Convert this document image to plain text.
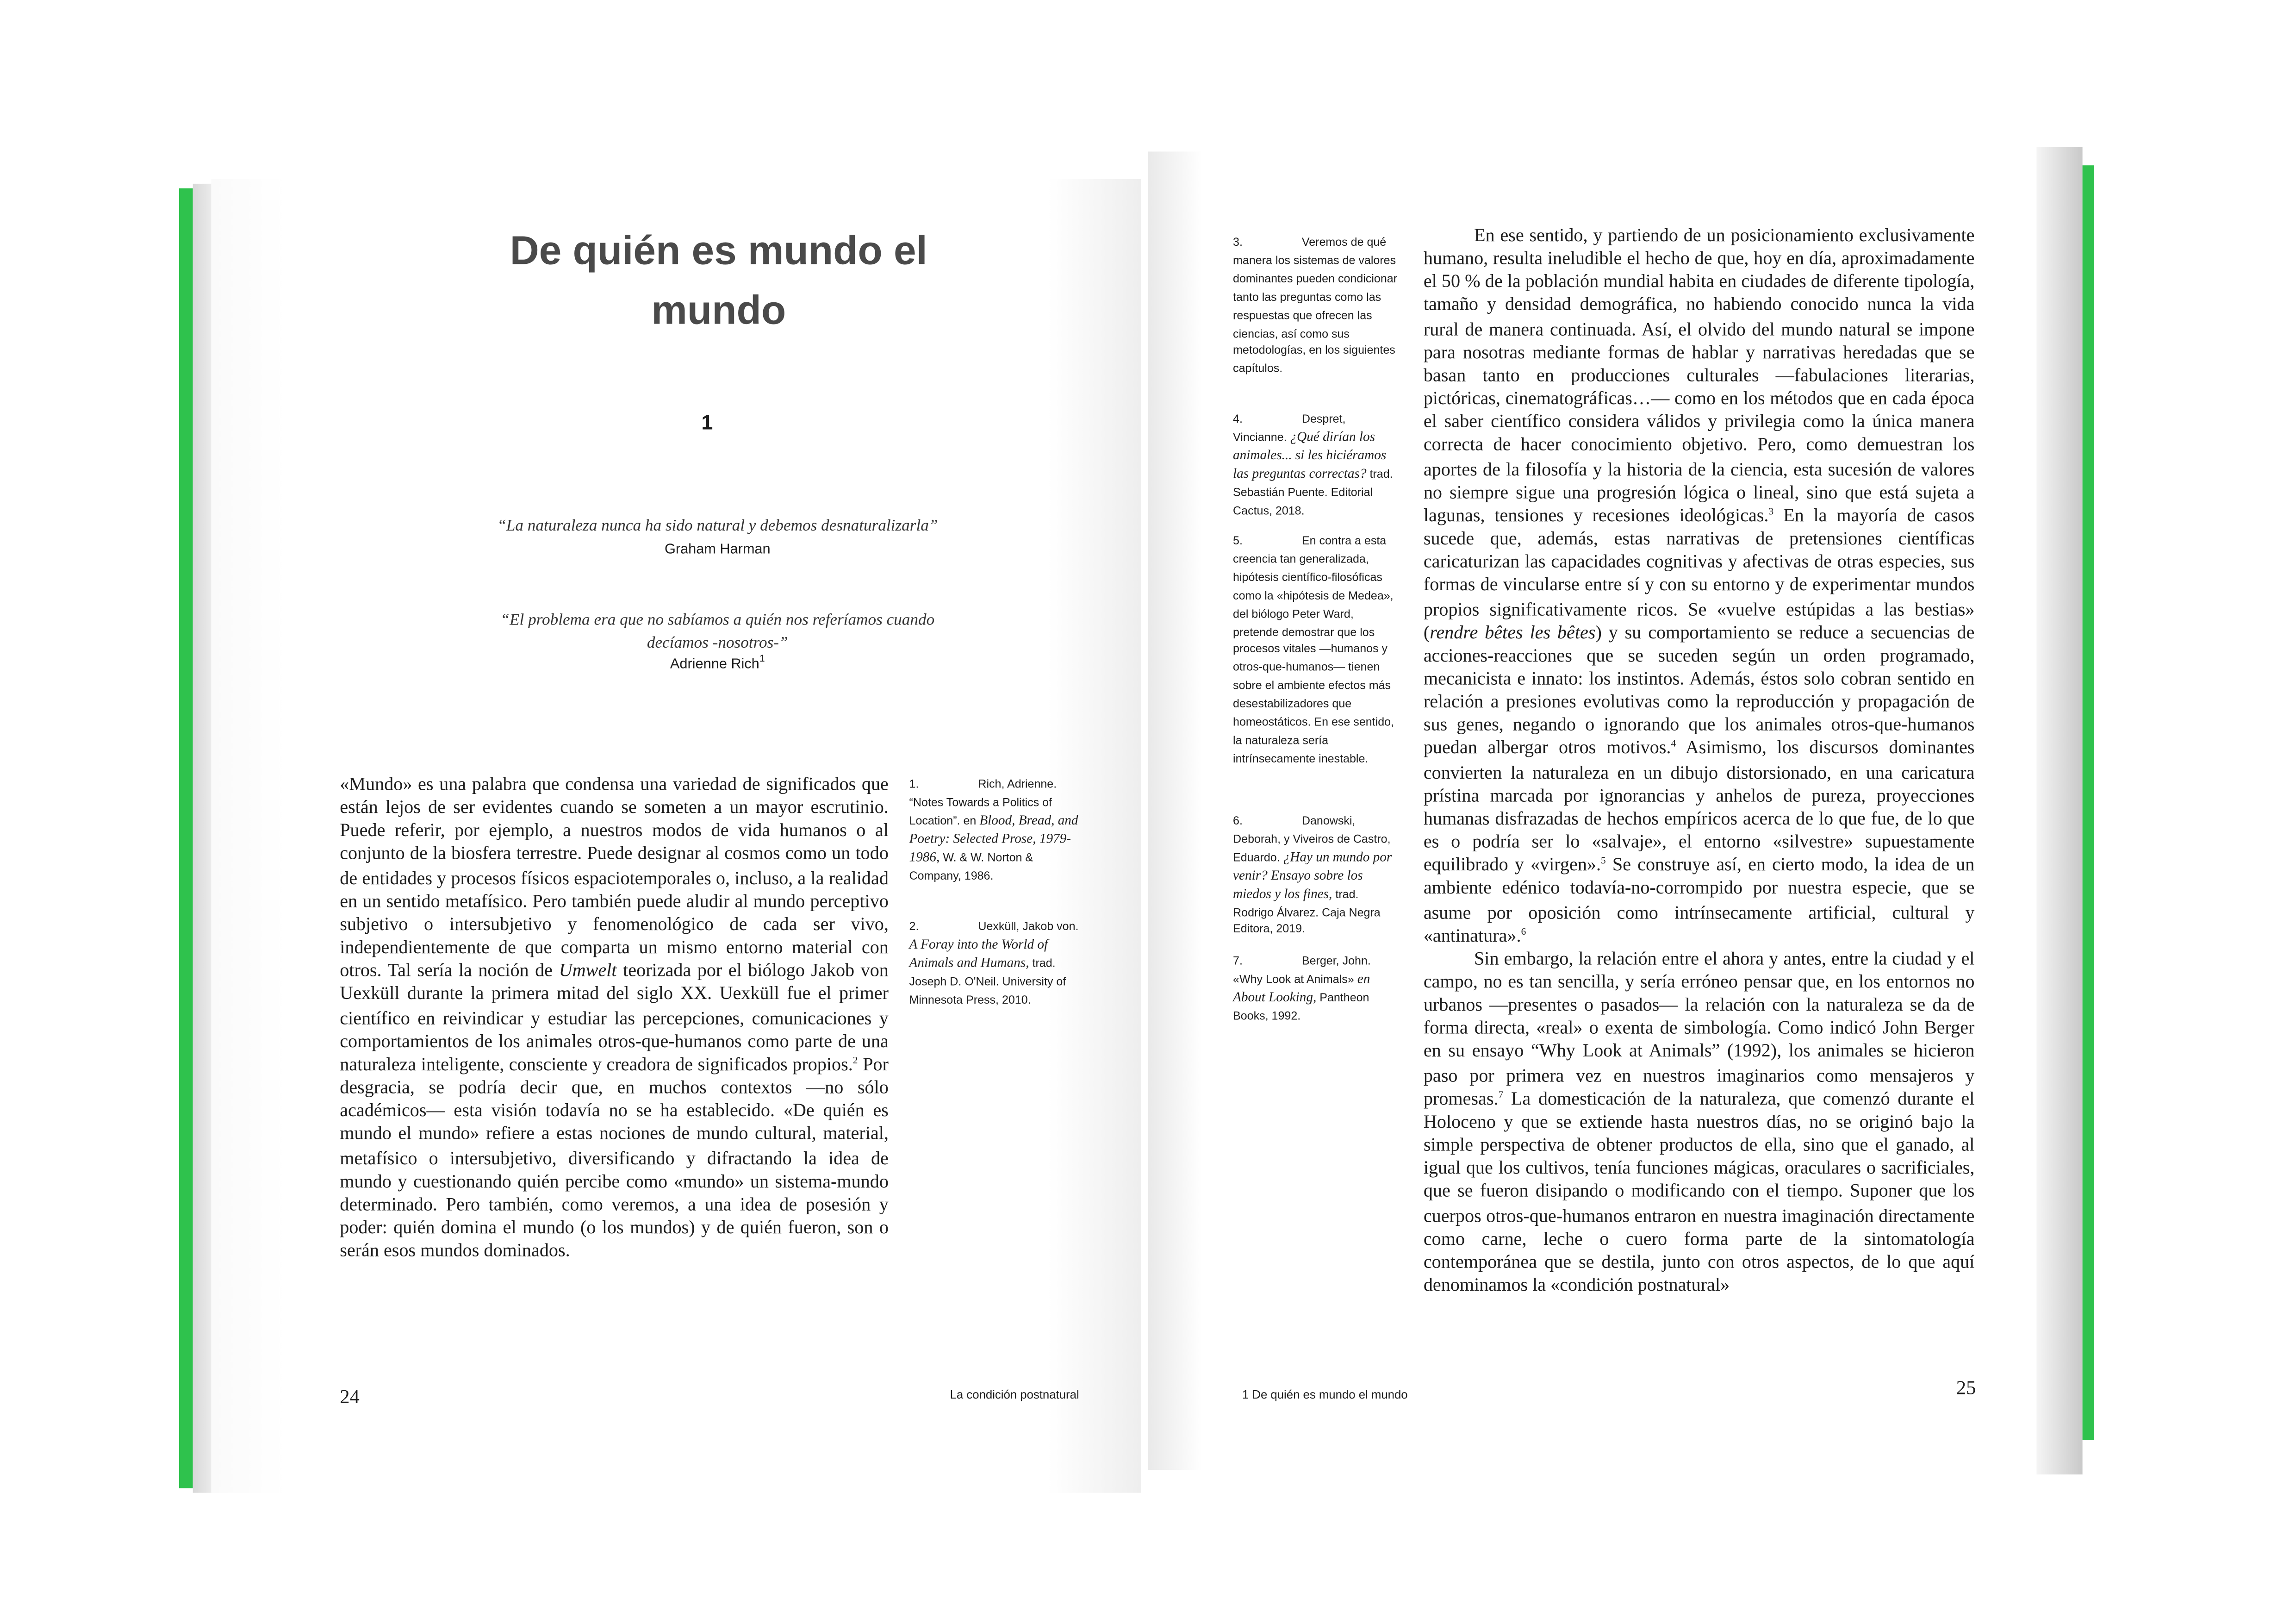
De quién es mundo el mundo
1
“La naturaleza nunca ha sido natural y debemos desnaturalizarla”
Graham Harman
“El problema era que no sabíamos a quién nos referíamos cuando decíamos -nosotros-”
Adrienne Rich$^1$

«Mundo» es una palabra que condensa una variedad de significados que están lejos de ser evidentes cuando se someten a un mayor escrutinio. Puede referir, por ejemplo, a nuestros modos de vida humanos o al conjunto de la biosfera terrestre. Puede designar al cosmos como un todo de entidades y procesos físicos espaciotemporales o, incluso, a la realidad en un sentido metafísico. Pero también puede aludir al mundo perceptivo subjetivo o intersubjetivo y fenomenológico de cada ser vivo, independientemente de que comparta un mismo entorno material con otros. Tal sería la noción de Umwelt teorizada por el biólogo Jakob von Uexküll durante la primera mitad del siglo XX. Uexküll fue el primer científico en reivindicar y estudiar las percepciones, comunicaciones y comportamientos de los animales otros-que-humanos como parte de una naturaleza inteligente, consciente y creadora de significados propios.$^2$ Por desgracia, se podría decir que, en muchos contextos —no sólo académicos— esta visión todavía no se ha establecido. «De quién es mundo el mundo» refiere a estas nociones de mundo cultural, material, metafísico o intersubjetivo, diversificando y difractando la idea de mundo y cuestionando quién percibe como «mundo» un sistema-mundo determinado. Pero también, como veremos, a una idea de posesión y poder: quién domina el mundo (o los mundos) y de quién fueron, son o serán esos mundos dominados.

1.	Rich, Adrienne. “Notes Towards a Politics of Location”. en Blood, Bread, and Poetry: Selected Prose, 1979-1986, W. & W. Norton & Company, 1986.
2.	Uexküll, Jakob von. A Foray into the World of Animals and Humans, trad. Joseph D. O'Neil. University of Minnesota Press, 2010.
24	La condición postnatural
3.	Veremos de qué manera los sistemas de valores dominantes pueden condicionar tanto las preguntas como las respuestas que ofrecen las ciencias, así como sus metodologías, en los siguientes capítulos.
4.	Despret, Vincianne. ¿Qué dirían los animales... si les hiciéramos las preguntas correctas? trad. Sebastián Puente. Editorial Cactus, 2018.
5.	En contra a esta creencia tan generalizada, hipótesis científico-filosóficas como la «hipótesis de Medea», del biólogo Peter Ward, pretende demostrar que los procesos vitales —humanos y otros-que-humanos— tienen sobre el ambiente efectos más desestabilizadores que homeostáticos. En ese sentido, la naturaleza sería intrínsecamente inestable.
6.	Danowski, Deborah, y Viveiros de Castro, Eduardo. ¿Hay un mundo por venir? Ensayo sobre los miedos y los fines, trad. Rodrigo Álvarez. Caja Negra Editora, 2019.
7.	Berger, John. «Why Look at Animals» en About Looking, Pantheon Books, 1992.

En ese sentido, y partiendo de un posicionamiento exclusivamente humano, resulta ineludible el hecho de que, hoy en día, aproximadamente el 50 % de la población mundial habita en ciudades de diferente tipología, tamaño y densidad demográfica, no habiendo conocido nunca la vida rural de manera continuada. Así, el olvido del mundo natural se impone para nosotras mediante formas de hablar y narrativas heredadas que se basan tanto en producciones culturales —fabulaciones literarias, pictóricas, cinematográficas…— como en los métodos que en cada época el saber científico considera válidos y privilegia como la única manera correcta de hacer conocimiento objetivo. Pero, como demuestran los aportes de la filosofía y la historia de la ciencia, esta sucesión de valores no siempre sigue una progresión lógica o lineal, sino que está sujeta a lagunas, tensiones y recesiones ideológicas.$^3$	En la mayoría de casos sucede que, además, estas narrativas de pretensiones científicas caricaturizan las capacidades cognitivas y afectivas de otras especies, sus formas de vincularse entre sí y con su entorno y de experimentar mundos propios significativamente ricos. Se «vuelve estúpidas a las bestias» (rendre bêtes les bêtes) y su comportamiento se reduce a secuencias de acciones-reacciones que se suceden según un orden programado, mecanicista e innato: los instintos. Además, éstos solo cobran sentido en relación a presiones evolutivas como la reproducción y propagación de sus genes, negando o ignorando que los animales otros-que-humanos puedan albergar otros motivos.$^4$	Asimismo, los discursos dominantes convierten la naturaleza en un dibujo distorsionado, en una caricatura prístina marcada por ignorancias y anhelos de pureza, proyecciones humanas disfrazadas de hechos empíricos acerca de lo que fue, de lo que es o podría ser lo «salvaje», el entorno «silvestre» supuestamente equilibrado y «virgen».$^5$ Se construye así, en cierto modo, la idea de un ambiente edénico todavía-no-corrompido por nuestra especie, que se asume por oposición como intrínsecamente artificial, cultural y «antinatura».$^6$

Sin embargo, la relación entre el ahora y antes, entre la ciudad y el campo, no es tan sencilla, y sería erróneo pensar que, en los entornos no urbanos —presentes o pasados— la relación con la naturaleza se da de forma directa, «real» o exenta de simbología. Como indicó John Berger en su ensayo “Why Look at Animals” (1992), los animales se hicieron paso por primera vez en nuestros imaginarios como mensajeros y promesas.$^7$ La domesticación de la naturaleza, que comenzó durante el Holoceno y que se extiende hasta nuestros días, no se originó bajo la simple perspectiva de obtener productos de ella, sino que el ganado, al igual que los cultivos, tenía funciones mágicas, oraculares o sacrificiales, que se fueron disipando o modificando con el tiempo. Suponer que los cuerpos otros-que-humanos entraron en nuestra imaginación directamente como carne, leche o cuero forma parte de la sintomatología contemporánea que se destila, junto con otros aspectos, de lo que aquí denominamos la «condición postnatural»

1 De quién es mundo el mundo	25
